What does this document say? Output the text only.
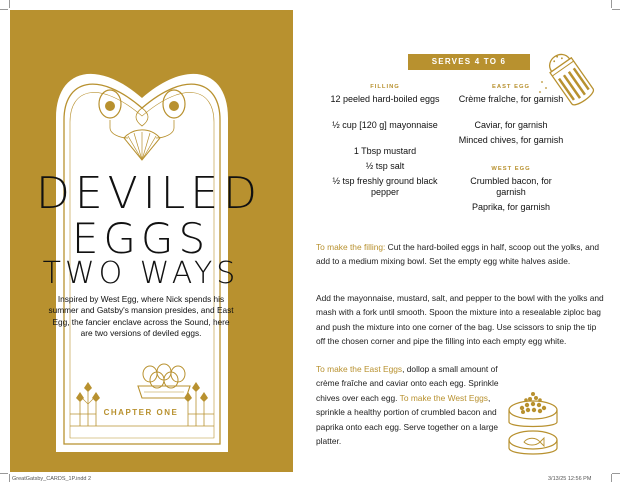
DEVILED
EGGS
TWO WAYS
Inspired by West Egg, where Nick spends his summer and Gatsby's mansion presides, and East Egg, the fancier enclave across the Sound, here are two versions of deviled eggs.
CHAPTER ONE
SERVES 4 TO 6
FILLING
12 peeled hard-boiled eggs
½ cup [120 g] mayonnaise
1 Tbsp mustard
½ tsp salt
½ tsp freshly ground black pepper
EAST EGG
Crème fraîche, for garnish
Caviar, for garnish
Minced chives, for garnish
WEST EGG
Crumbled bacon, for garnish
Paprika, for garnish
To make the filling: Cut the hard-boiled eggs in half, scoop out the yolks, and add to a medium mixing bowl. Set the empty egg white halves aside.
Add the mayonnaise, mustard, salt, and pepper to the bowl with the yolks and mash with a fork until smooth. Spoon the mixture into a resealable ziploc bag and push the mixture into one corner of the bag. Use scissors to snip the tip off the chosen corner and pipe the filling into each empty egg white.
To make the East Eggs, dollop a small amount of crème fraîche and caviar onto each egg. Sprinkle chives over each egg. To make the West Eggs, sprinkle a healthy portion of crumbled bacon and paprika onto each egg. Serve together on a large platter.
GreatGatsby_CARDS_1P.indd 2	3/13/25 12:56 PM
